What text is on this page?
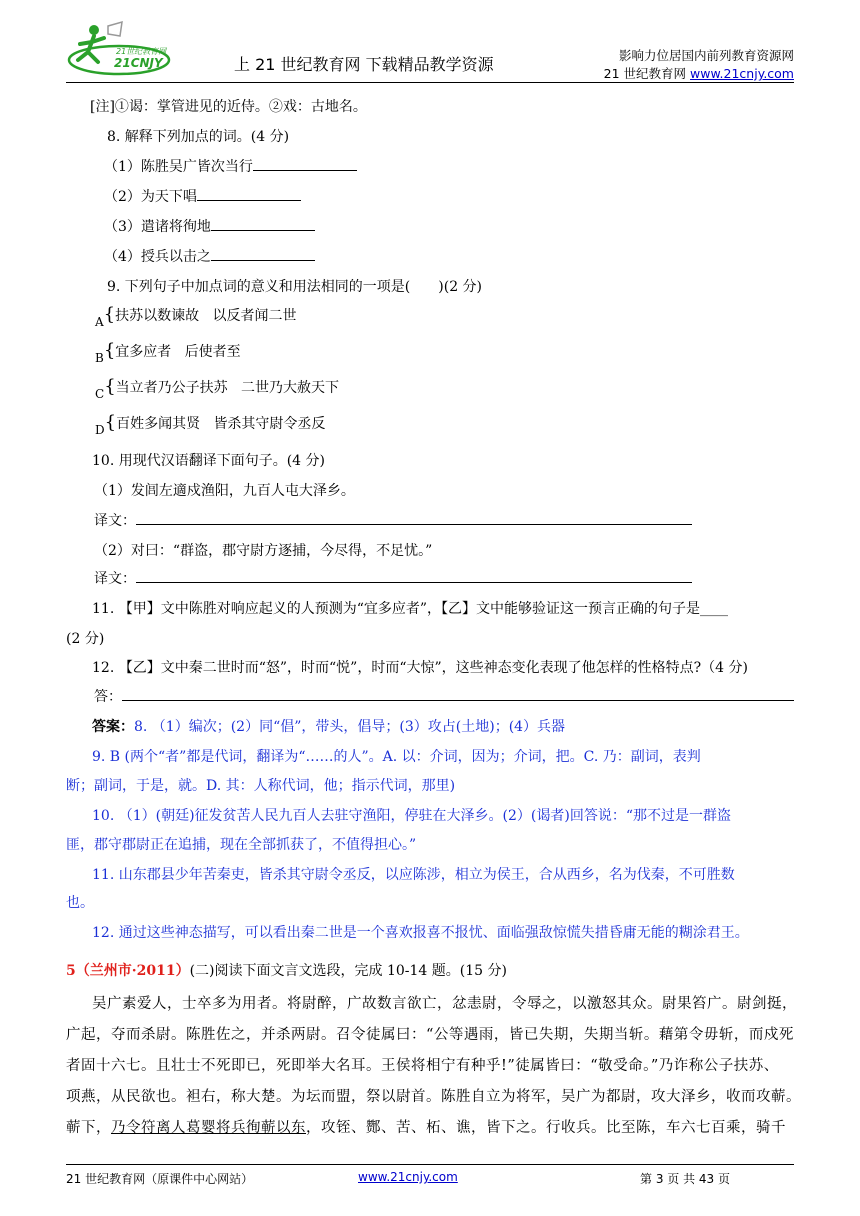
21世纪教育网
21CNJY	上 21 世纪教育网 下载精品教学资源	影响力位居国内前列教育资源网
21 世纪教育网 www.21cnjy.com
[注]①谒：掌管进见的近侍。②戏：古地名。
8. 解释下列加点的词。(4 分)
（1）陈胜吴广皆次当行
（2）为天下唱
（3）遣诸将徇地
（4）授兵以击之
9. 下列句子中加点词的意义和用法相同的一项是(　　)(2 分)
A{扶苏以数谏故 以反者闻二世
B{宜多应者 后使者至
C{当立者乃公子扶苏 二世乃大赦天下
D{百姓多闻其贤 皆杀其守尉令丞反
10. 用现代汉语翻译下面句子。(4 分)
（1）发闾左適戍渔阳，九百人屯大泽乡。
译文：
（2）对曰：“群盗，郡守尉方逐捕，今尽得，不足忧。”
译文：
11. 【甲】文中陈胜对响应起义的人预测为“宜多应者”，【乙】文中能够验证这一预言正确的句子是____
(2 分)
12. 【乙】文中秦二世时而“怒”，时而“悦”，时而“大惊”，这些神态变化表现了他怎样的性格特点?（4 分)
答：
答案：8. （1）编次；(2）同“倡”，带头，倡导；(3）攻占(土地)；(4）兵器
9. B (两个“者”都是代词，翻译为“……的人”。A. 以：介词，因为；介词，把。C. 乃：副词，表判
断；副词，于是，就。D. 其：人称代词，他；指示代词，那里)
10. （1）(朝廷)征发贫苦人民九百人去驻守渔阳，停驻在大泽乡。(2）(谒者)回答说：“那不过是一群盗
匪，郡守郡尉正在追捕，现在全部抓获了，不值得担心。”
11. 山东郡县少年苦秦吏，皆杀其守尉令丞反，以应陈涉，相立为侯王，合从西乡，名为伐秦，不可胜数
也。
12. 通过这些神态描写，可以看出秦二世是一个喜欢报喜不报忧、面临强敌惊慌失措昏庸无能的糊涂君王。
5（兰州市·2011）(二)阅读下面文言文选段，完成 10-14 题。(15 分)
吴广素爱人，士卒多为用者。将尉醉，广故数言欲亡，忿恚尉，令辱之，以激怒其众。尉果笞广。尉剑挺，
广起，夺而杀尉。陈胜佐之，并杀两尉。召令徒属曰：“公等遇雨，皆已失期，失期当斩。藉第令毋斩，而戍死
者固十六七。且壮士不死即已，死即举大名耳。王侯将相宁有种乎!”徒属皆曰：“敬受命。”乃诈称公子扶苏、
项燕，从民欲也。袒右，称大楚。为坛而盟，祭以尉首。陈胜自立为将军，吴广为都尉，攻大泽乡，收而攻蕲。
蕲下，乃令符离人葛婴将兵徇蕲以东，攻铚、酂、苦、柘、谯，皆下之。行收兵。比至陈，车六七百乘，骑千
21 世纪教育网（原课件中心网站）	www.21cnjy.com	第 3 页 共 43 页
